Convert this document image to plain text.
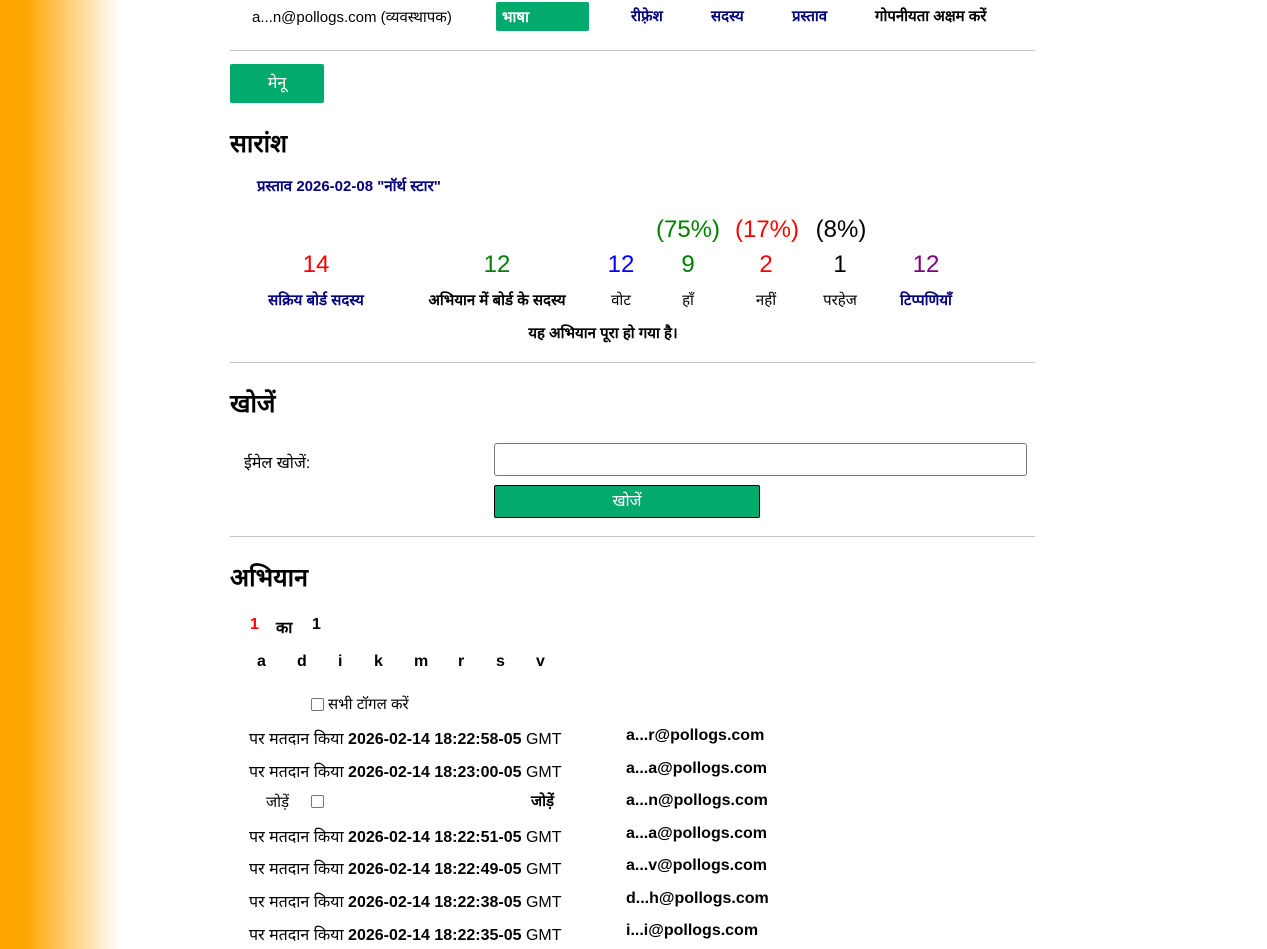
a...n@pollogs.com (व्यवस्थापक)	भाषा	रीफ़्रेश	सदस्य	प्रस्ताव	गोपनीयता अक्षम करें
मेनू
सारांश
प्रस्ताव 2026-02-08 "नॉर्थ स्टार"
(75%) (17%) (8%)
14	12	12	9	2	1	12
सक्रिय बोर्ड सदस्य	अभियान में बोर्ड के सदस्य	वोट	हाँ	नहीं	परहेज	टिप्पणियाँ
यह अभियान पूरा हो गया है।
खोजें
ईमेल खोजें:
खोजें
अभियान
1 का 1
a d i k m r s v
सभी टॉगल करें
पर मतदान किया 2026-02-14 18:22:58-05 GMT	a...r@pollogs.com
पर मतदान किया 2026-02-14 18:23:00-05 GMT	a...a@pollogs.com
जोड़ें	जोड़ें	a...n@pollogs.com
पर मतदान किया 2026-02-14 18:22:51-05 GMT	a...a@pollogs.com
पर मतदान किया 2026-02-14 18:22:49-05 GMT	a...v@pollogs.com
पर मतदान किया 2026-02-14 18:22:38-05 GMT	d...h@pollogs.com
पर मतदान किया 2026-02-14 18:22:35-05 GMT	i...i@pollogs.com
